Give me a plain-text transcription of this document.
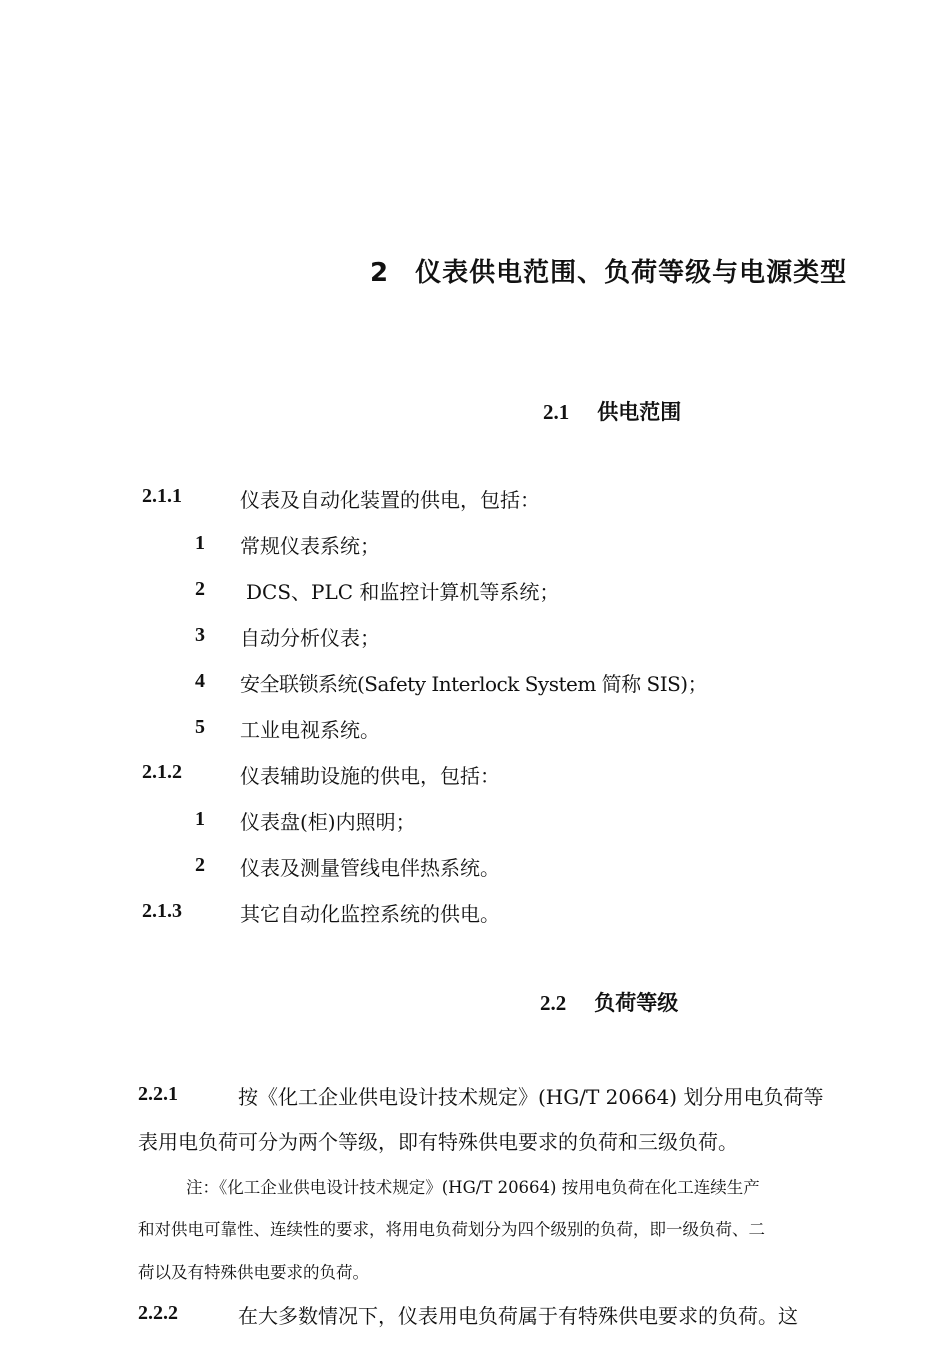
2 仪表供电范围、负荷等级与电源类型
2.1 供电范围
2.1.1	仪表及自动化装置的供电，包括：
1 常规仪表系统；
2 DCS、PLC 和监控计算机等系统；
3 自动分析仪表；
4 安全联锁系统(Safety Interlock System 简称 SIS)；
5 工业电视系统。
2.1.2	仪表辅助设施的供电，包括：
1 仪表盘(柜)内照明；
2 仪表及测量管线电伴热系统。
2.1.3	其它自动化监控系统的供电。
2.2 负荷等级
2.2.1	按《化工企业供电设计技术规定》(HG/T 20664) 划分用电负荷等
表用电负荷可分为两个等级，即有特殊供电要求的负荷和三级负荷。
注：《化工企业供电设计技术规定》(HG/T 20664) 按用电负荷在化工连续生产
和对供电可靠性、连续性的要求，将用电负荷划分为四个级别的负荷，即一级负荷、二
荷以及有特殊供电要求的负荷。
2.2.2	在大多数情况下，仪表用电负荷属于有特殊供电要求的负荷。这
